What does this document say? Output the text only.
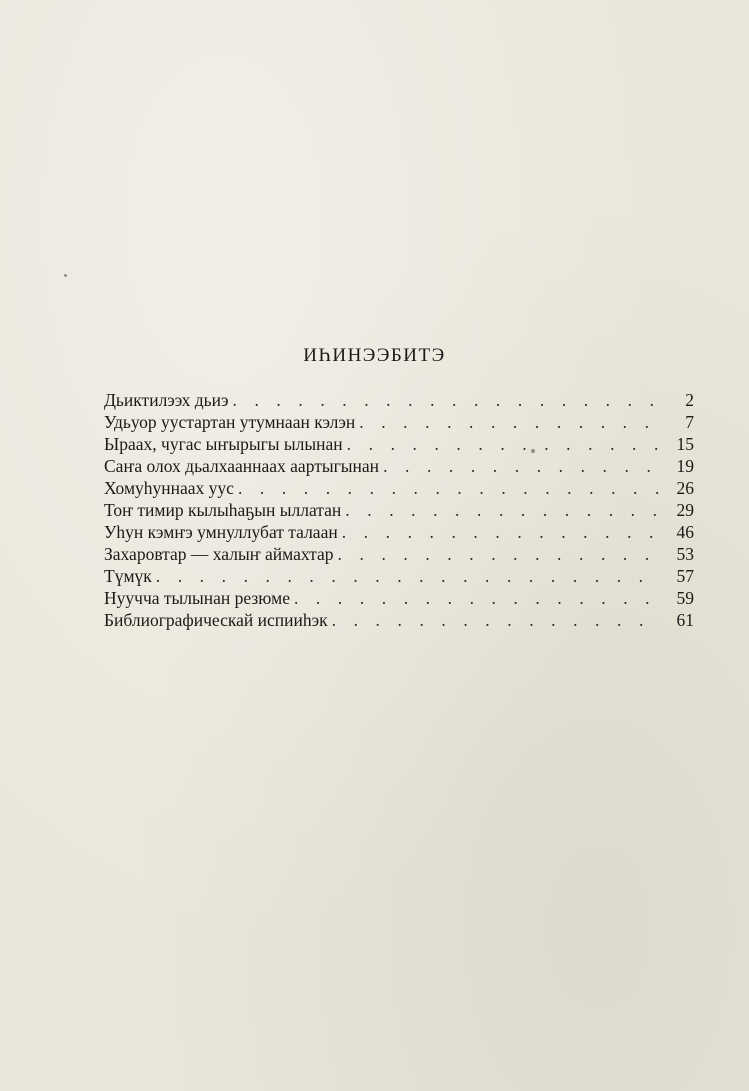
ИҺИНЭЭБИТЭ
Дьиктилээх дьиэ . . .	2
Удьуор уустартан утумнаан кэлэн . . .	7
Ыраах, чугас ыҥырыгы ылынан . . .	15
Саҥа олох дьалхааннаах аартыгынан . . .	19
Хомуһуннаах уус . . .	26
Тоҥ тимир кылыһаҕын ыллатан . . .	29
Уһун кэмҥэ умнуллубат талаан . . .	46
Захаровтар — халыҥ аймахтар . . .	53
Түмүк . . .	57
Нуучча тылынан резюме . . .	59
Библиографическай испииһэк . . .	61
